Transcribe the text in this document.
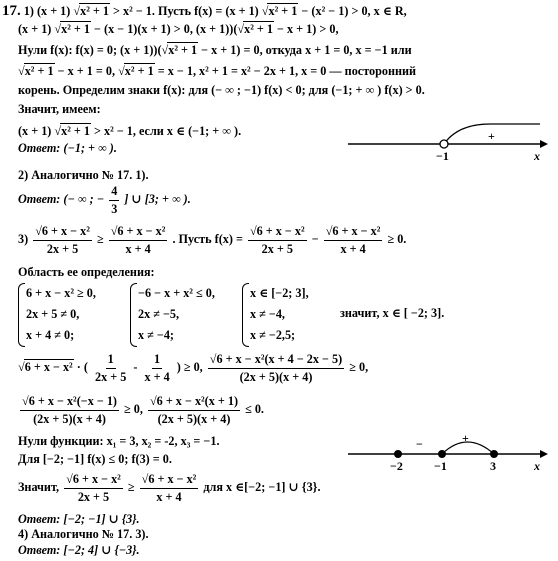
17. 1) (x + 1) √x² + 1 > x² − 1. Пусть f(x) = (x + 1) √x² + 1 − (x² − 1) > 0, x ∈ R,
(x + 1) √x² + 1 − (x − 1)(x + 1) > 0, (x + 1))(√x² + 1 − x + 1) > 0,
Нули f(x): f(x) = 0; (x + 1))(√x² + 1 − x + 1) = 0, откуда x + 1 = 0, x = −1 или
√x² + 1 − x + 1 = 0, √x² + 1 = x − 1, x² + 1 = x² − 2x + 1, x = 0 — посторонний
корень. Определим знаки f(x): для (− ∞ ; −1) f(x) < 0; для (−1; + ∞ ) f(x) > 0.
Значит, имеем:
(x + 1) √x² + 1 > x² − 1, если x ∈ (−1; + ∞ ).
Ответ: (−1; + ∞ ).
+
−1	x
2) Аналогично № 17. 1).
Ответ: (− ∞ ; − $\frac{4}{3}$ ] ∪ [3; + ∞ ).
$3) \frac{\text{√6 + x − x²}}{2x + 5} \ge \frac{\text{√6 + x − x²}}{x + 4}$ . Пусть $f(x) = \frac{\text{√6 + x − x²}}{2x + 5} - \frac{\text{√6 + x − x²}}{x + 4} \ge 0$.
Область ее определения:
6 + x − x² ≥ 0,
2x + 5 ≠ 0,
x + 4 ≠ 0;
−6 − x + x² ≤ 0,
2x ≠ −5,
x ≠ −4;
x ∈ [−2; 3],
x ≠ −4,
x ≠ −2,5;
значит, x ∈ [ −2; 3].
√6 + x − x² · ( $\frac{1}{2x + 5} - \frac{1}{x + 4}$ ) ≥ 0, $\frac{\text{√6 + x − x²(x + 4 − 2x − 5)}}{(2x + 5)(x + 4)} \ge 0$,
$\frac{\text{√6 + x − x²(−x − 1)}}{(2x + 5)(x + 4)} \ge 0$, $\frac{\text{√6 + x − x²(x + 1)}}{(2x + 5)(x + 4)} \le 0$.
Нули функции: x₁ = 3, x₂ = -2, x₃ = −1.
Для [−2; −1] f(x) ≤ 0; f(3) = 0.
−	+
−2	−1	3	x
Значит, $\frac{\text{√6 + x − x²}}{2x + 5} \ge \frac{\text{√6 + x − x²}}{x + 4}$ для x ∈[−2; −1] ∪ {3}.
Ответ: [−2; −1] ∪ {3}.
4) Аналогично № 17. 3).
Ответ: [−2; 4] ∪ {−3}.
